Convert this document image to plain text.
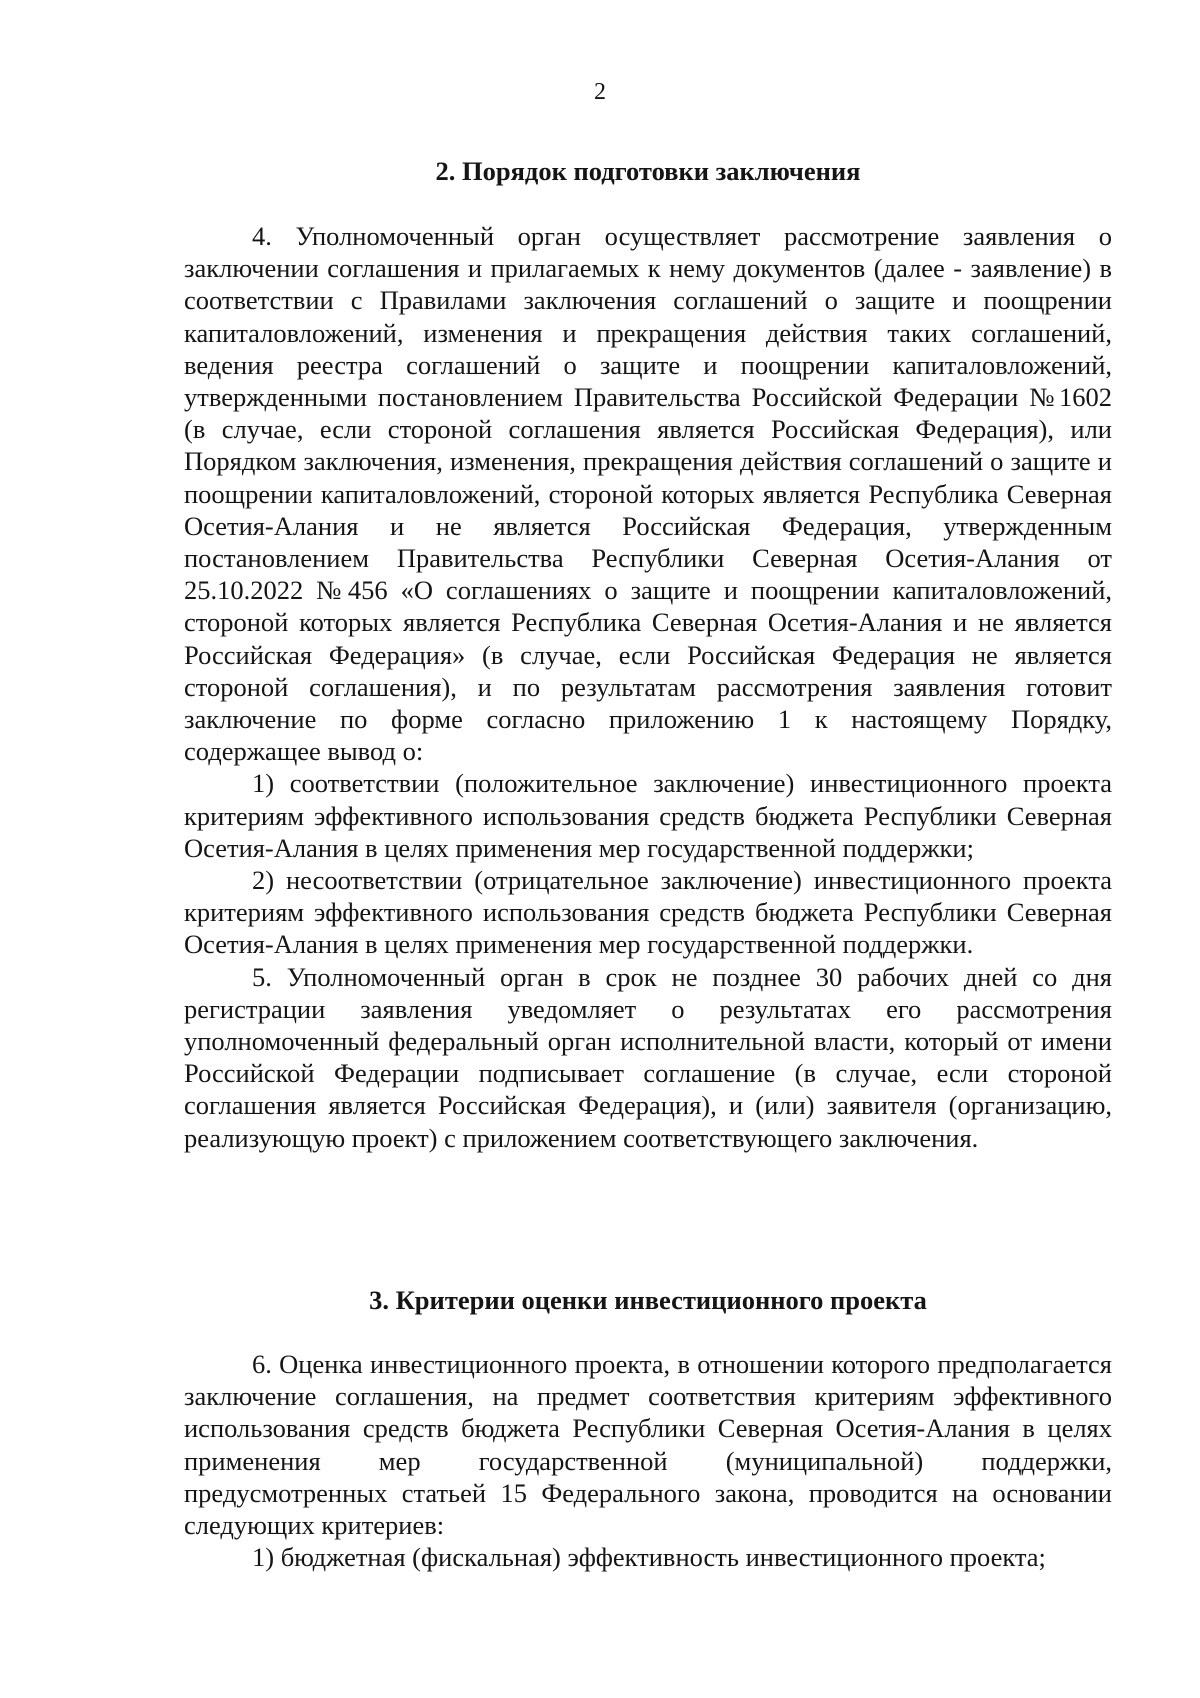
2
2. Порядок подготовки заключения

4. Уполномоченный орган осуществляет рассмотрение заявления о заключении соглашения и прилагаемых к нему документов (далее - заявление) в соответствии с Правилами заключения соглашений о защите и поощрении капиталовложений, изменения и прекращения действия таких соглашений, ведения реестра соглашений о защите и поощрении капиталовложений, утвержденными постановлением Правительства Российской Федерации №1602 (в случае, если стороной соглашения является Российская Федерация), или Порядком заключения, изменения, прекращения действия соглашений о защите и поощрении капиталовложений, стороной которых является Республика Северная Осетия-Алания и не является Российская Федерация, утвержденным постановлением Правительства Республики Северная Осетия-Алания от 25.10.2022 №456 «О соглашениях о защите и поощрении капиталовложений, стороной которых является Республика Северная Осетия-Алания и не является Российская Федерация» (в случае, если Российская Федерация не является стороной соглашения), и по результатам рассмотрения заявления готовит заключение по форме согласно приложению 1 к настоящему Порядку, содержащее вывод о:

1) соответствии (положительное заключение) инвестиционного проекта критериям эффективного использования средств бюджета Республики Северная Осетия-Алания в целях применения мер государственной поддержки;

2) несоответствии (отрицательное заключение) инвестиционного проекта критериям эффективного использования средств бюджета Республики Северная Осетия-Алания в целях применения мер государственной поддержки.

5. Уполномоченный орган в срок не позднее 30 рабочих дней со дня регистрации заявления уведомляет о результатах его рассмотрения уполномоченный федеральный орган исполнительной власти, который от имени Российской Федерации подписывает соглашение (в случае, если стороной соглашения является Российская Федерация), и (или) заявителя (организацию, реализующую проект) с приложением соответствующего заключения.

3. Критерии оценки инвестиционного проекта

6. Оценка инвестиционного проекта, в отношении которого предполагается заключение соглашения, на предмет соответствия критериям эффективного использования средств бюджета Республики Северная Осетия-Алания в целях применения мер государственной (муниципальной) поддержки, предусмотренных статьей 15 Федерального закона, проводится на основании следующих критериев:

1) бюджетная (фискальная) эффективность инвестиционного проекта;
